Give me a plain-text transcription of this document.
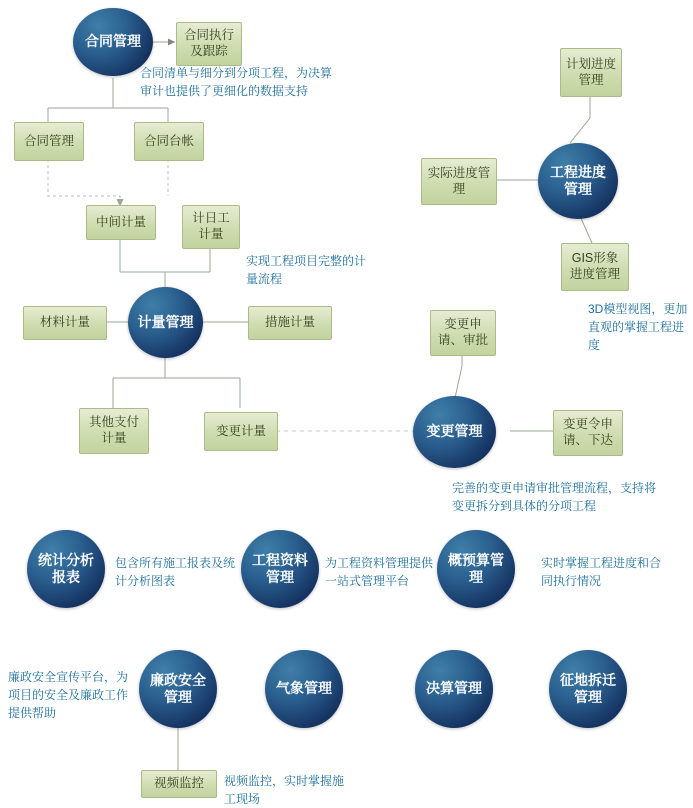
合同管理	合同执行及跟踪
合同清单与细分到分项工程，为决算审计也提供了更细化的数据支持
合同管理	合同台帐
中间计量	计日工计量
实现工程项目完整的计量流程
计量管理
材料计量	措施计量
其他支付计量
变更计量
计划进度管理
工程进度管理
实际进度管理
GIS形象进度管理
3D模型视图，更加直观的掌握工程进度
变更申请、审批
变更管理	变更令申请、下达
完善的变更申请审批管理流程，支持将变更拆分到具体的分项工程
统计分析报表
包含所有施工报表及统计分析图表
工程资料管理
为工程资料管理提供一站式管理平台
概预算管理
实时掌握工程进度和合同执行情况
廉政安全宣传平台，为项目的安全及廉政工作提供帮助
廉政安全管理
气象管理	决算管理
征地拆迁管理
视频监控	视频监控，实时掌握施工现场
